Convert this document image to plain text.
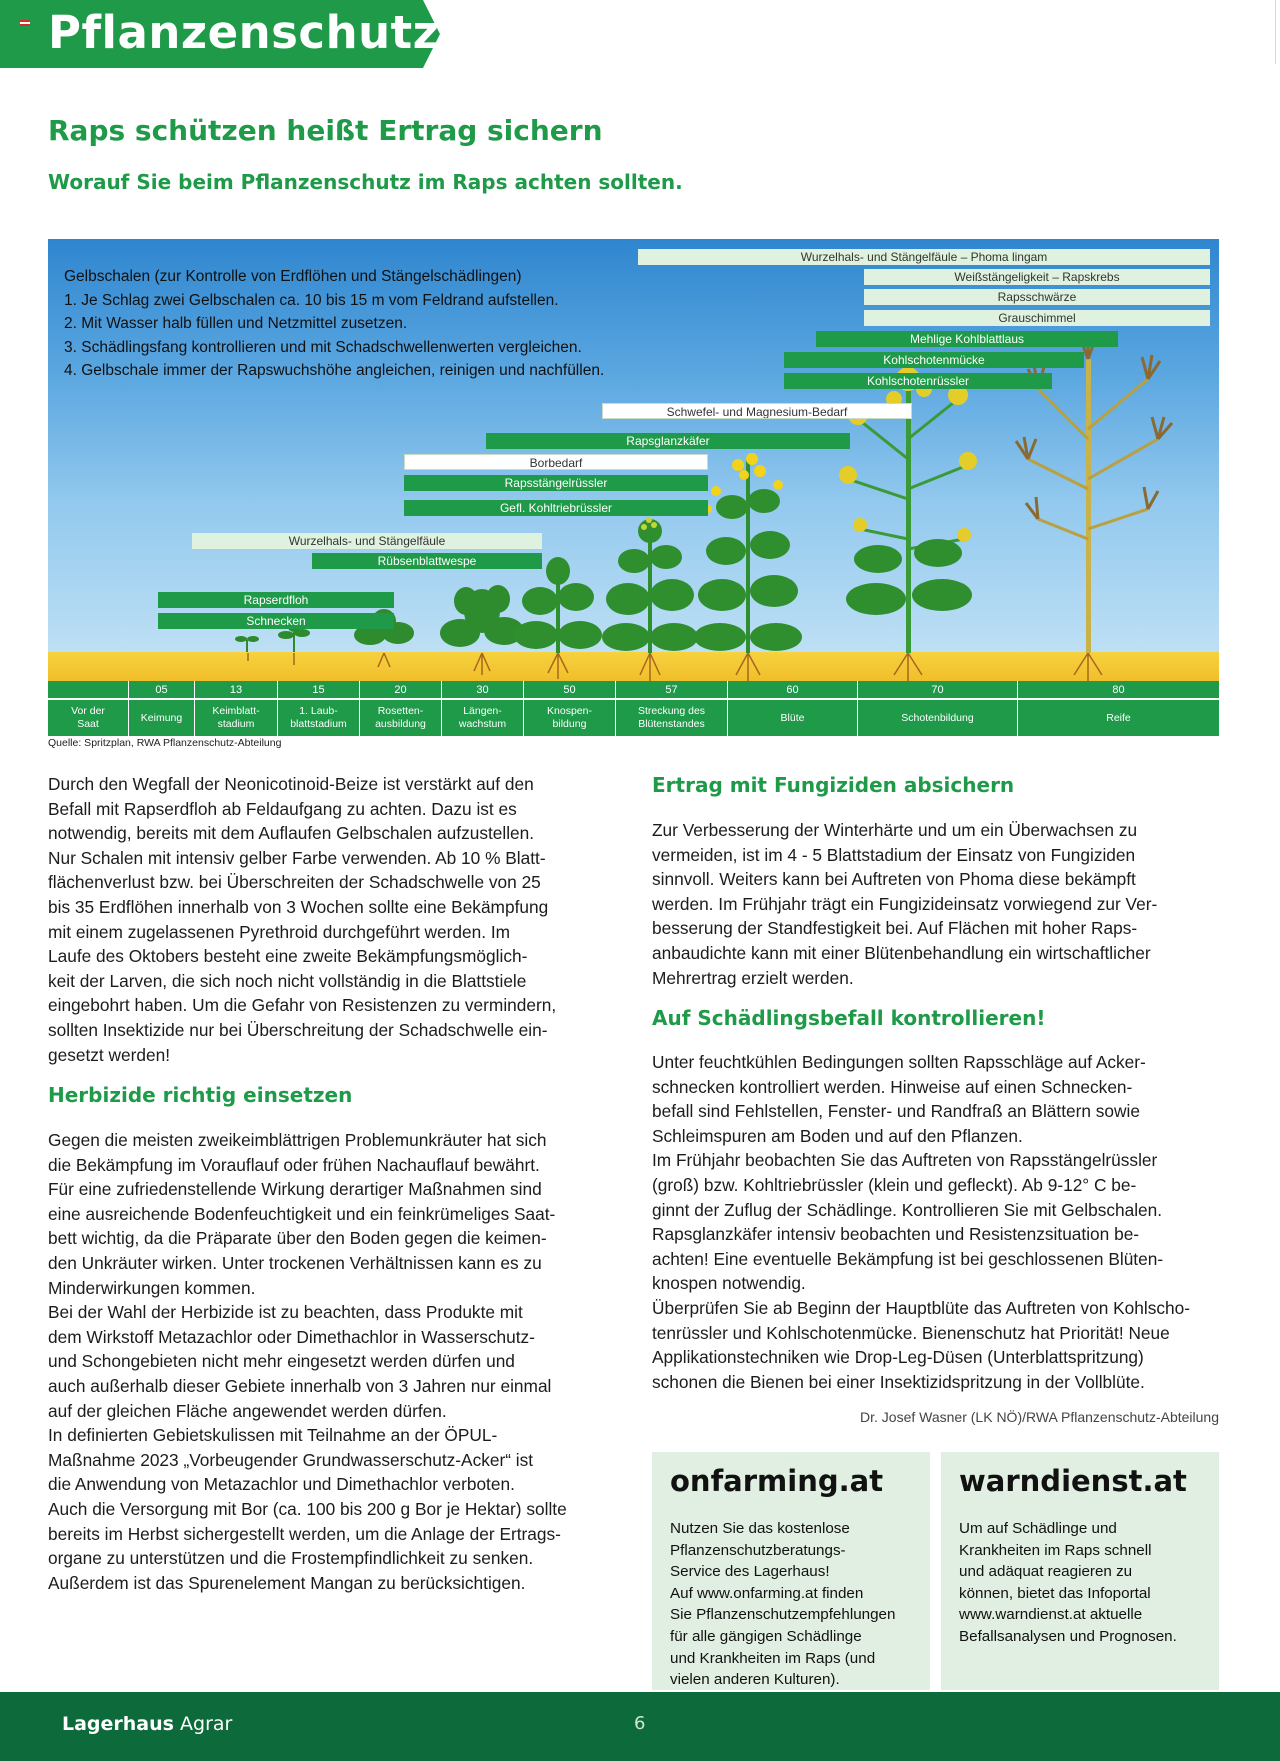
Pflanzenschutz
Raps schützen heißt Ertrag sichern
Worauf Sie beim Pflanzenschutz im Raps achten sollten.
Gelbschalen (zur Kontrolle von Erdflöhen und Stängelschädlingen)
1. Je Schlag zwei Gelbschalen ca. 10 bis 15 m vom Feldrand aufstellen.
2. Mit Wasser halb füllen und Netzmittel zusetzen.
3. Schädlingsfang kontrollieren und mit Schadschwellenwerten vergleichen.
4. Gelbschale immer der Rapswuchshöhe angleichen, reinigen und nachfüllen.
Wurzelhals- und Stängelfäule – Phoma lingam
Weißstängeligkeit – Rapskrebs
Rapsschwärze
Grauschimmel
Mehlige Kohlblattlaus
Kohlschotenmücke
Kohlschotenrüssler
Schwefel- und Magnesium-Bedarf
Rapsglanzkäfer
Borbedarf
Rapsstängelrüssler
Gefl. Kohltriebrüssler
Wurzelhals- und Stängelfäule
Rübsenblattwespe
Rapserdfloh
Schnecken
Vor der
Saat
05
Keimung
13
Keimblatt-
stadium
15
1. Laub-
blattstadium
20
Rosetten-
ausbildung
30
Längen-
wachstum
50
Knospen-
bildung
57
Streckung des
Blütenstandes
60
Blüte
70
Schotenbildung
80
Reife
Quelle: Spritzplan, RWA Pflanzenschutz-Abteilung
Durch den Wegfall der Neonicotinoid-Beize ist verstärkt auf den
Befall mit Rapserdfloh ab Feldaufgang zu achten. Dazu ist es
notwendig, bereits mit dem Auflaufen Gelbschalen aufzustellen.
Nur Schalen mit intensiv gelber Farbe verwenden. Ab 10 % Blatt-
flächenverlust bzw. bei Überschreiten der Schadschwelle von 25
bis 35 Erdflöhen innerhalb von 3 Wochen sollte eine Bekämpfung
mit einem zugelassenen Pyrethroid durchgeführt werden. Im
Laufe des Oktobers besteht eine zweite Bekämpfungsmöglich-
keit der Larven, die sich noch nicht vollständig in die Blattstiele
eingebohrt haben. Um die Gefahr von Resistenzen zu vermindern,
sollten Insektizide nur bei Überschreitung der Schadschwelle ein-
gesetzt werden!
Herbizide richtig einsetzen
Gegen die meisten zweikeimblättrigen Problemunkräuter hat sich
die Bekämpfung im Vorauflauf oder frühen Nachauflauf bewährt.
Für eine zufriedenstellende Wirkung derartiger Maßnahmen sind
eine ausreichende Bodenfeuchtigkeit und ein feinkrümeliges Saat-
bett wichtig, da die Präparate über den Boden gegen die keimen-
den Unkräuter wirken. Unter trockenen Verhältnissen kann es zu
Minderwirkungen kommen.
Bei der Wahl der Herbizide ist zu beachten, dass Produkte mit
dem Wirkstoff Metazachlor oder Dimethachlor in Wasserschutz-
und Schongebieten nicht mehr eingesetzt werden dürfen und
auch außerhalb dieser Gebiete innerhalb von 3 Jahren nur einmal
auf der gleichen Fläche angewendet werden dürfen.
In definierten Gebietskulissen mit Teilnahme an der ÖPUL-
Maßnahme 2023 „Vorbeugender Grundwasserschutz-Acker“ ist
die Anwendung von Metazachlor und Dimethachlor verboten.
Auch die Versorgung mit Bor (ca. 100 bis 200 g Bor je Hektar) sollte
bereits im Herbst sichergestellt werden, um die Anlage der Ertrags-
organe zu unterstützen und die Frostempfindlichkeit zu senken.
Außerdem ist das Spurenelement Mangan zu berücksichtigen.
Ertrag mit Fungiziden absichern
Zur Verbesserung der Winterhärte und um ein Überwachsen zu
vermeiden, ist im 4 - 5 Blattstadium der Einsatz von Fungiziden
sinnvoll. Weiters kann bei Auftreten von Phoma diese bekämpft
werden. Im Frühjahr trägt ein Fungizideinsatz vorwiegend zur Ver-
besserung der Standfestigkeit bei. Auf Flächen mit hoher Raps-
anbaudichte kann mit einer Blütenbehandlung ein wirtschaftlicher
Mehrertrag erzielt werden.
Auf Schädlingsbefall kontrollieren!
Unter feuchtkühlen Bedingungen sollten Rapsschläge auf Acker-
schnecken kontrolliert werden. Hinweise auf einen Schnecken-
befall sind Fehlstellen, Fenster- und Randfraß an Blättern sowie
Schleimspuren am Boden und auf den Pflanzen.
Im Frühjahr beobachten Sie das Auftreten von Rapsstängelrüssler
(groß) bzw. Kohltriebrüssler (klein und gefleckt). Ab 9-12° C be-
ginnt der Zuflug der Schädlinge. Kontrollieren Sie mit Gelbschalen.
Rapsglanzkäfer intensiv beobachten und Resistenzsituation be-
achten! Eine eventuelle Bekämpfung ist bei geschlossenen Blüten-
knospen notwendig.
Überprüfen Sie ab Beginn der Hauptblüte das Auftreten von Kohlscho-
tenrüssler und Kohlschotenmücke. Bienenschutz hat Priorität! Neue
Applikationstechniken wie Drop-Leg-Düsen (Unterblattspritzung)
schonen die Bienen bei einer Insektizidspritzung in der Vollblüte.
Dr. Josef Wasner (LK NÖ)/RWA Pflanzenschutz-Abteilung
onfarming.at
Nutzen Sie das kostenlose
Pflanzenschutzberatungs-
Service des Lagerhaus!
Auf www.onfarming.at finden
Sie Pflanzenschutzempfehlungen
für alle gängigen Schädlinge
und Krankheiten im Raps (und
vielen anderen Kulturen).
warndienst.at
Um auf Schädlinge und
Krankheiten im Raps schnell
und adäquat reagieren zu
können, bietet das Infoportal
www.warndienst.at aktuelle
Befallsanalysen und Prognosen.
Lagerhaus Agrar	6
